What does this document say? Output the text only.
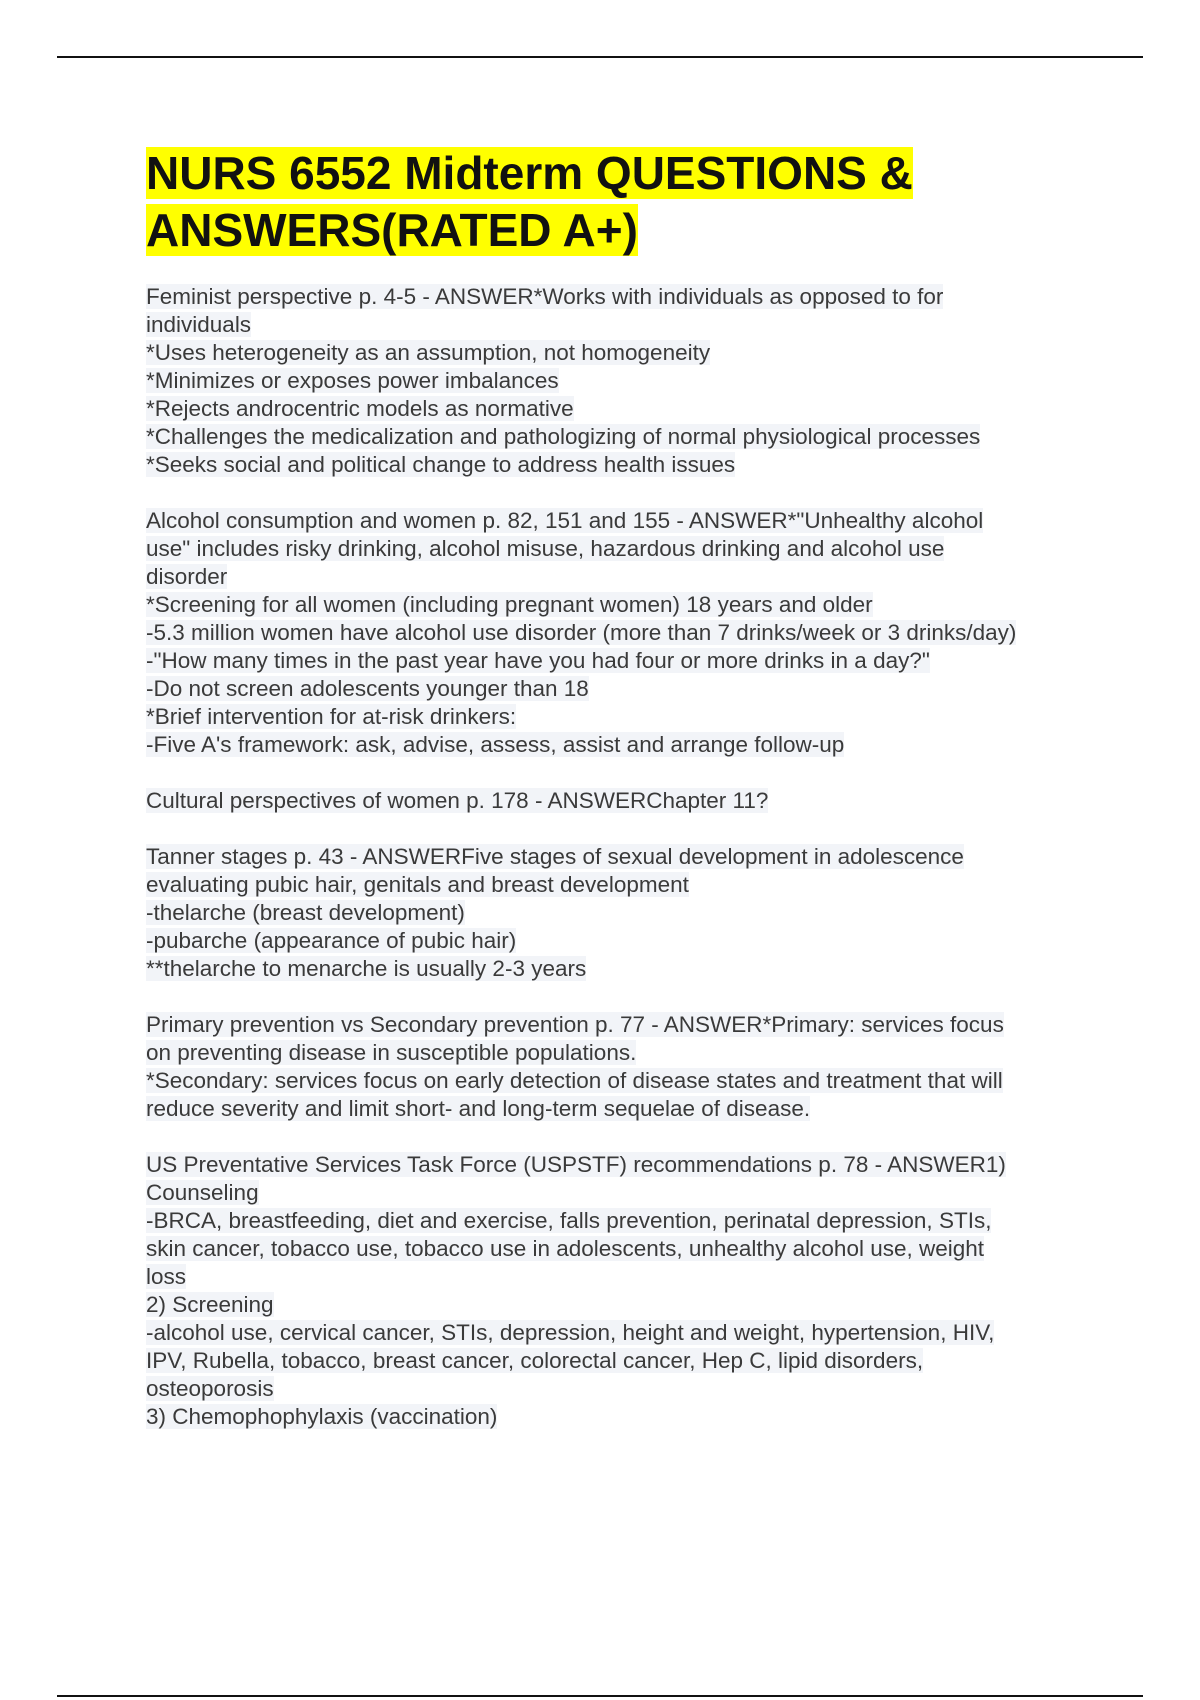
NURS 6552 Midterm QUESTIONS &
ANSWERS(RATED A+)
Feminist perspective p. 4-5 - ANSWER*Works with individuals as opposed to for
individuals
*Uses heterogeneity as an assumption, not homogeneity
*Minimizes or exposes power imbalances
*Rejects androcentric models as normative
*Challenges the medicalization and pathologizing of normal physiological processes
*Seeks social and political change to address health issues
Alcohol consumption and women p. 82, 151 and 155 - ANSWER*"Unhealthy alcohol
use" includes risky drinking, alcohol misuse, hazardous drinking and alcohol use
disorder
*Screening for all women (including pregnant women) 18 years and older
-5.3 million women have alcohol use disorder (more than 7 drinks/week or 3 drinks/day)
-"How many times in the past year have you had four or more drinks in a day?"
-Do not screen adolescents younger than 18
*Brief intervention for at-risk drinkers:
-Five A's framework: ask, advise, assess, assist and arrange follow-up
Cultural perspectives of women p. 178 - ANSWERChapter 11?
Tanner stages p. 43 - ANSWERFive stages of sexual development in adolescence
evaluating pubic hair, genitals and breast development
-thelarche (breast development)
-pubarche (appearance of pubic hair)
**thelarche to menarche is usually 2-3 years
Primary prevention vs Secondary prevention p. 77 - ANSWER*Primary: services focus
on preventing disease in susceptible populations.
*Secondary: services focus on early detection of disease states and treatment that will
reduce severity and limit short- and long-term sequelae of disease.
US Preventative Services Task Force (USPSTF) recommendations p. 78 - ANSWER1)
Counseling
-BRCA, breastfeeding, diet and exercise, falls prevention, perinatal depression, STIs,
skin cancer, tobacco use, tobacco use in adolescents, unhealthy alcohol use, weight
loss
2) Screening
-alcohol use, cervical cancer, STIs, depression, height and weight, hypertension, HIV,
IPV, Rubella, tobacco, breast cancer, colorectal cancer, Hep C, lipid disorders,
osteoporosis
3) Chemophophylaxis (vaccination)
